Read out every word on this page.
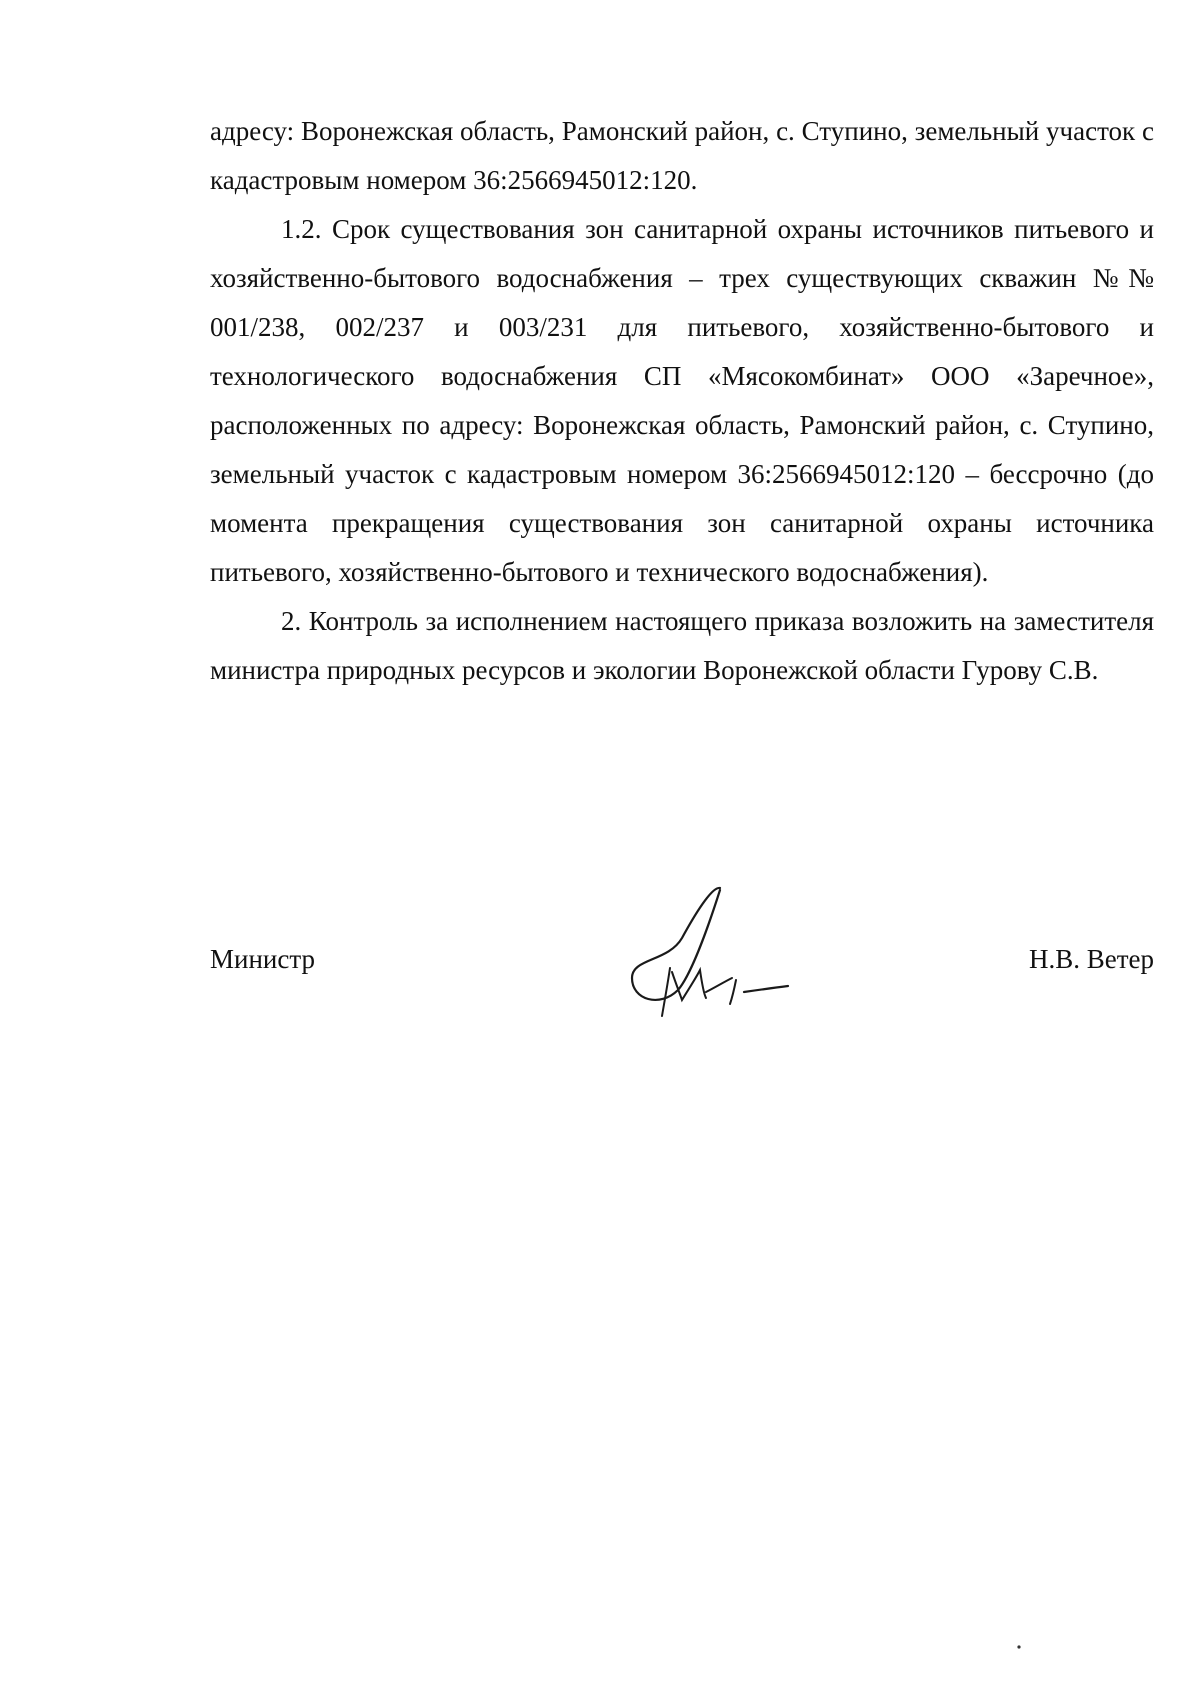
адресу: Воронежская область, Рамонский район, с. Ступино, земельный участок с кадастровым номером 36:2566945012:120.

1.2. Срок существования зон санитарной охраны источников питьевого и хозяйственно-бытового водоснабжения – трех существующих скважин №№ 001/238, 002/237 и 003/231 для питьевого, хозяйственно-бытового и технологического водоснабжения СП «Мясокомбинат» ООО «Заречное», расположенных по адресу: Воронежская область, Рамонский район, с. Ступино, земельный участок с кадастровым номером 36:2566945012:120 – бессрочно (до момента прекращения существования зон санитарной охраны источника питьевого, хозяйственно-бытового и технического водоснабжения).

2. Контроль за исполнением настоящего приказа возложить на заместителя министра природных ресурсов и экологии Воронежской области Гурову С.В.

Министр	Н.В. Ветер
